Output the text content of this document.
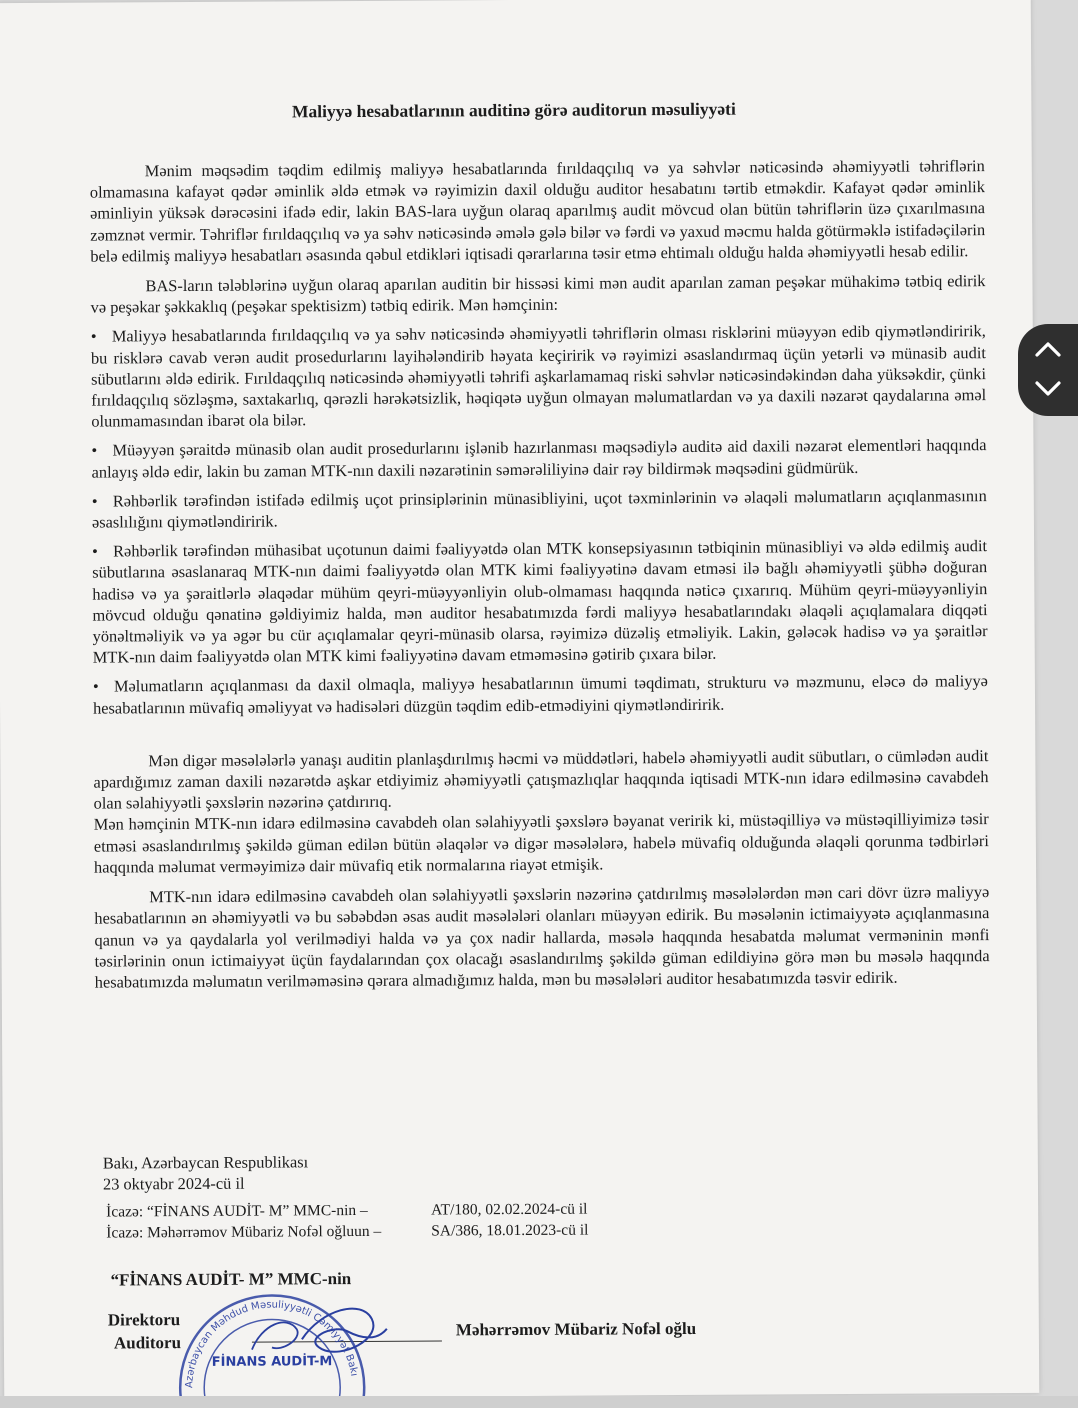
Maliyyə hesabatlarının auditinə görə auditorun məsuliyyəti

Mənim məqsədim təqdim edilmiş maliyyə hesabatlarında fırıldaqçılıq və ya səhvlər nəticəsində əhəmiyyətli təhriflərin olmamasına kafayət qədər əminlik əldə etmək və rəyimizin daxil olduğu auditor hesabatını tərtib etməkdir. Kafayət qədər əminlik əminliyin yüksək dərəcəsini ifadə edir, lakin BAS-lara uyğun olaraq aparılmış audit mövcud olan bütün təhriflərin üzə çıxarılmasına zəmznət vermir. Təhriflər fırıldaqçılıq və ya səhv nəticəsində əmələ gələ bilər və fərdi və yaxud məcmu halda götürməklə istifadəçilərin belə edilmiş maliyyə hesabatları əsasında qəbul etdikləri iqtisadi qərarlarına təsir etmə ehtimalı olduğu halda əhəmiyyətli hesab edilir.

BAS-ların tələblərinə uyğun olaraq aparılan auditin bir hissəsi kimi mən audit aparılan zaman peşəkar mühakimə tətbiq edirik və peşəkar şəkkaklıq (peşəkar spektisizm) tətbiq edirik. Mən həmçinin:

• Maliyyə hesabatlarında fırıldaqçılıq və ya səhv nəticəsində əhəmiyyətli təhriflərin olması risklərini müəyyən edib qiymətləndiririk, bu risklərə cavab verən audit prosedurlarını layihələndirib həyata keçiririk və rəyimizi əsaslandırmaq üçün yetərli və münasib audit sübutlarını əldə edirik. Fırıldaqçılıq nəticəsində əhəmiyyətli təhrifi aşkarlamamaq riski səhvlər nəticəsindəkindən daha yüksəkdir, çünki fırıldaqçılıq sözləşmə, saxtakarlıq, qərəzli hərəkətsizlik, həqiqətə uyğun olmayan məlumatlardan və ya daxili nəzarət qaydalarına əməl olunmamasından ibarət ola bilər.

• Müəyyən şəraitdə münasib olan audit prosedurlarını işlənib hazırlanması məqsədiylə auditə aid daxili nəzarət elementləri haqqında anlayış əldə edir, lakin bu zaman MTK-nın daxili nəzarətinin səmərəliliyinə dair rəy bildirmək məqsədini güdmürük.

• Rəhbərlik tərəfindən istifadə edilmiş uçot prinsiplərinin münasibliyini, uçot təxminlərinin və əlaqəli məlumatların açıqlanmasının əsaslılığını qiymətləndiririk.

• Rəhbərlik tərəfindən mühasibat uçotunun daimi fəaliyyətdə olan MTK konsepsiyasının tətbiqinin münasibliyi və əldə edilmiş audit sübutlarına əsaslanaraq MTK-nın daimi fəaliyyətdə olan MTK kimi fəaliyyətinə davam etməsi ilə bağlı əhəmiyyətli şübhə doğuran hadisə və ya şəraitlərlə əlaqədar mühüm qeyri-müəyyənliyin olub-olmaması haqqında nəticə çıxarırıq. Mühüm qeyri-müəyyənliyin mövcud olduğu qənatinə gəldiyimiz halda, mən auditor hesabatımızda fərdi maliyyə hesabatlarındakı əlaqəli açıqlamalara diqqəti yönəltməliyik və ya əgər bu cür açıqlamalar qeyri-münasib olarsa, rəyimizə düzəliş etməliyik. Lakin, gələcək hadisə və ya şəraitlər MTK-nın daim fəaliyyətdə olan MTK kimi fəaliyyətinə davam etməməsinə gətirib çıxara bilər.

• Məlumatların açıqlanması da daxil olmaqla, maliyyə hesabatlarının ümumi təqdimatı, strukturu və məzmunu, eləcə də maliyyə hesabatlarının müvafiq əməliyyat və hadisələri düzgün təqdim edib-etmədiyini qiymətləndiririk.

Mən digər məsələlərlə yanaşı auditin planlaşdırılmış həcmi və müddətləri, habelə əhəmiyyətli audit sübutları, o cümlədən audit apardığımız zaman daxili nəzarətdə aşkar etdiyimiz əhəmiyyətli çatışmazlıqlar haqqında iqtisadi MTK-nın idarə edilməsinə cavabdeh olan səlahiyyətli şəxslərin nəzərinə çatdırırıq.

Mən həmçinin MTK-nın idarə edilməsinə cavabdeh olan səlahiyyətli şəxslərə bəyanat veririk ki, müstəqilliyə və müstəqilliyimizə təsir etməsi əsaslandırılmış şəkildə güman edilən bütün əlaqələr və digər məsələlərə, habelə müvafiq olduğunda əlaqəli qorunma tədbirləri haqqında məlumat verməyimizə dair müvafiq etik normalarına riayət etmişik.

MTK-nın idarə edilməsinə cavabdeh olan səlahiyyətli şəxslərin nəzərinə çatdırılmış məsələlərdən mən cari dövr üzrə maliyyə hesabatlarının ən əhəmiyyətli və bu səbəbdən əsas audit məsələləri olanları müəyyən edirik. Bu məsələnin ictimaiyyətə açıqlanmasına qanun və ya qaydalarla yol verilmədiyi halda və ya çox nadir hallarda, məsələ haqqında hesabatda məlumat verməninin mənfi təsirlərinin onun ictimaiyyət üçün faydalarından çox olacağı əsaslandırılmş şəkildə güman edildiyinə görə mən bu məsələ haqqında hesabatımızda məlumatın verilməməsinə qərara almadığımız halda, mən bu məsələləri auditor hesabatımızda təsvir edirik.

Bakı, Azərbaycan Respublikası
23 oktyabr 2024-cü il
İcazə: “FİNANS AUDİT- M” MMC-nin –	AT/180, 02.02.2024-cü il
İcazə: Məhərrəmov Mübariz Nofəl oğluun –	SA/386, 18.01.2023-cü il
“FİNANS AUDİT- M” MMC-nin
Direktoru
Auditoru
Məhərrəmov Mübariz Nofəl oğlu
Azərbaycan Məhdud Məsuliyyətli Cəmiyyət Bakı
FİNANS AUDİT-M
